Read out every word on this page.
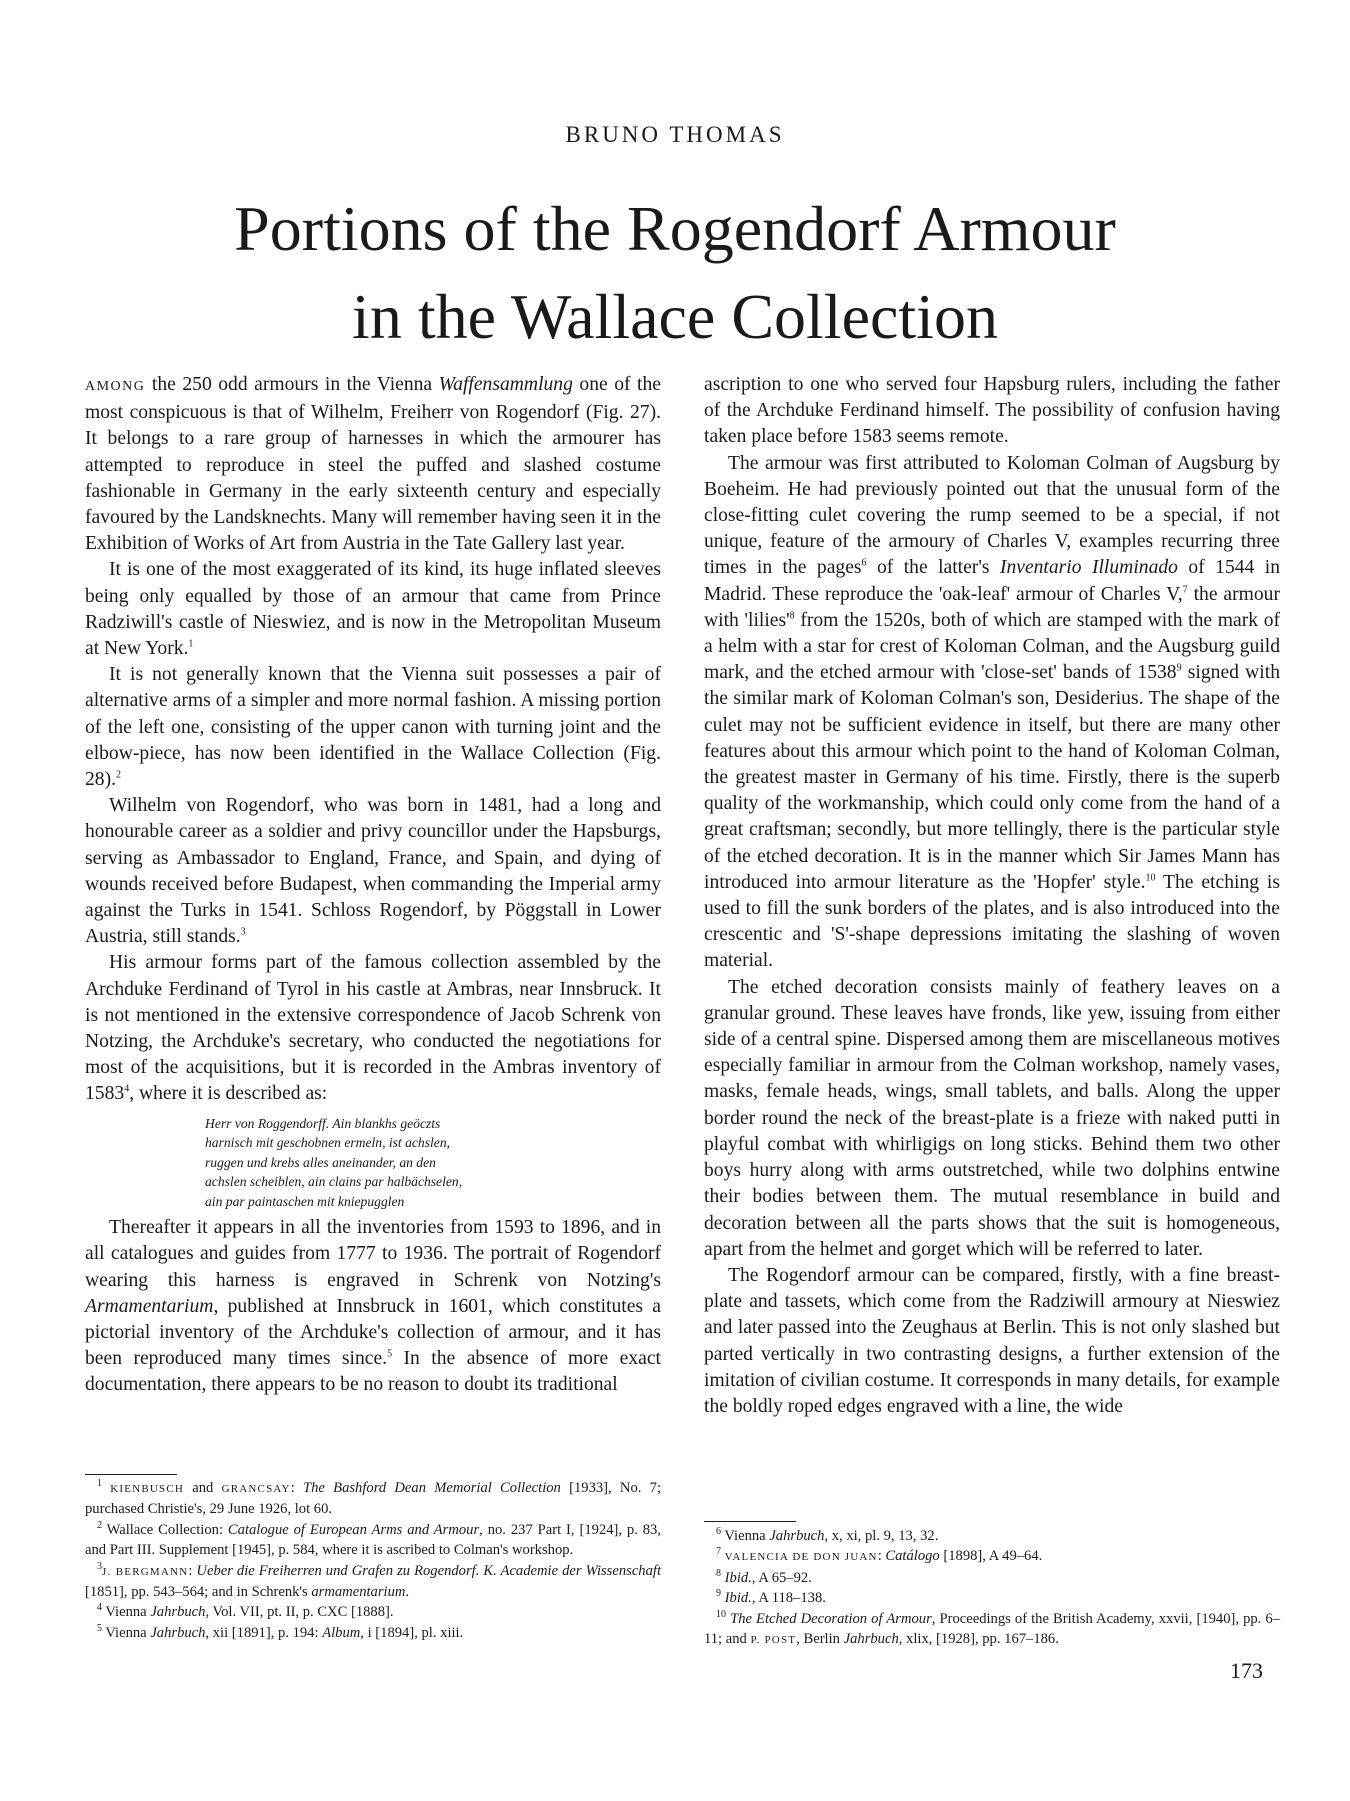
BRUNO THOMAS
Portions of the Rogendorf Armour
in the Wallace Collection

AMONG the 250 odd armours in the Vienna Waffensammlung one of the most conspicuous is that of Wilhelm, Freiherr von Rogendorf (Fig. 27). It belongs to a rare group of harnesses in which the armourer has attempted to reproduce in steel the puffed and slashed costume fashionable in Germany in the early sixteenth century and especially favoured by the Landsknechts. Many will remember having seen it in the Exhibition of Works of Art from Austria in the Tate Gallery last year.

It is one of the most exaggerated of its kind, its huge inflated sleeves being only equalled by those of an armour that came from Prince Radziwill's castle of Nieswiez, and is now in the Metropolitan Museum at New York.$^1$

It is not generally known that the Vienna suit possesses a pair of alternative arms of a simpler and more normal fashion. A missing portion of the left one, consisting of the upper canon with turning joint and the elbow-piece, has now been identified in the Wallace Collection (Fig. 28).$^2$

Wilhelm von Rogendorf, who was born in 1481, had a long and honourable career as a soldier and privy councillor under the Hapsburgs, serving as Ambassador to England, France, and Spain, and dying of wounds received before Budapest, when commanding the Imperial army against the Turks in 1541. Schloss Rogendorf, by Pöggstall in Lower Austria, still stands.$^3$

His armour forms part of the famous collection assembled by the Archduke Ferdinand of Tyrol in his castle at Ambras, near Innsbruck. It is not mentioned in the extensive correspondence of Jacob Schrenk von Notzing, the Archduke's secretary, who conducted the negotiations for most of the acquisitions, but it is recorded in the Ambras inventory of 1583$^4$, where it is described as:

Herr von Roggendorff. Ain blankhs geöczts
harnisch mit geschobnen ermeln, ist achslen,
ruggen und krebs alles aneinander, an den
achslen scheiblen, ain clains par halbächselen,
ain par paintaschen mit kniepugglen

Thereafter it appears in all the inventories from 1593 to 1896, and in all catalogues and guides from 1777 to 1936. The portrait of Rogendorf wearing this harness is engraved in Schrenk von Notzing's Armamentarium, published at Innsbruck in 1601, which constitutes a pictorial inventory of the Archduke's collection of armour, and it has been reproduced many times since.$^5$ In the absence of more exact documentation, there appears to be no reason to doubt its traditional

ascription to one who served four Hapsburg rulers, including the father of the Archduke Ferdinand himself. The possibility of confusion having taken place before 1583 seems remote.

The armour was first attributed to Koloman Colman of Augsburg by Boeheim. He had previously pointed out that the unusual form of the close-fitting culet covering the rump seemed to be a special, if not unique, feature of the armoury of Charles V, examples recurring three times in the pages$^6$ of the latter's Inventario Illuminado of 1544 in Madrid. These reproduce the 'oak-leaf' armour of Charles V,$^7$ the armour with '$lilies'^8$ from the 1520s, both of which are stamped with the mark of a helm with a star for crest of Koloman Colman, and the Augsburg guild mark, and the etched armour with 'close-set' bands of 1538$^9$ signed with the similar mark of Koloman Colman's son, Desiderius. The shape of the culet may not be sufficient evidence in itself, but there are many other features about this armour which point to the hand of Koloman Colman, the greatest master in Germany of his time. Firstly, there is the superb quality of the workmanship, which could only come from the hand of a great craftsman; secondly, but more tellingly, there is the particular style of the etched decoration. It is in the manner which Sir James Mann has introduced into armour literature as the 'Hopfer' style.$^{10}$ The etching is used to fill the sunk borders of the plates, and is also introduced into the crescentic and 'S'-shape depressions imitating the slashing of woven material.

The etched decoration consists mainly of feathery leaves on a granular ground. These leaves have fronds, like yew, issuing from either side of a central spine. Dispersed among them are miscellaneous motives especially familiar in armour from the Colman workshop, namely vases, masks, female heads, wings, small tablets, and balls. Along the upper border round the neck of the breast-plate is a frieze with naked putti in playful combat with whirligigs on long sticks. Behind them two other boys hurry along with arms outstretched, while two dolphins entwine their bodies between them. The mutual resemblance in build and decoration between all the parts shows that the suit is homogeneous, apart from the helmet and gorget which will be referred to later.

The Rogendorf armour can be compared, firstly, with a fine breast-plate and tassets, which come from the Radziwill armoury at Nieswiez and later passed into the Zeughaus at Berlin. This is not only slashed but parted vertically in two contrasting designs, a further extension of the imitation of civilian costume. It corresponds in many details, for example the boldly roped edges engraved with a line, the wide

$^1$ KIENBUSCH and GRANCSAY: The Bashford Dean Memorial Collection [1933], No. 7; purchased Christie's, 29 June 1926, lot 60.

$^2$ Wallace Collection: Catalogue of European Arms and Armour, no. 237 Part I, [1924], p. 83, and Part III. Supplement [1945], p. 584, where it is ascribed to Colman's workshop.

$^3$J. BERGMANN: Ueber die Freiherren und Grafen zu Rogendorf. K. Academie der Wissenschaft [1851], pp. 543–564; and in Schrenk's armamentarium.

$^4$ Vienna Jahrbuch, Vol. VII, pt. II, p. CXC [1888].

$^5$ Vienna Jahrbuch, xii [1891], p. 194: Album, i [1894], pl. xiii.

$^6$ Vienna Jahrbuch, x, xi, pl. 9, 13, 32.

$^7$ VALENCIA DE DON JUAN: Catálogo [1898], A 49–64.

$^8$ Ibid., A 65–92.

$^9$ Ibid., A 118–138.

$^{10}$ The Etched Decoration of Armour, Proceedings of the British Academy, xxvii, [1940], pp. 6–11; and P. POST, Berlin Jahrbuch, xlix, [1928], pp. 167–186.

173
